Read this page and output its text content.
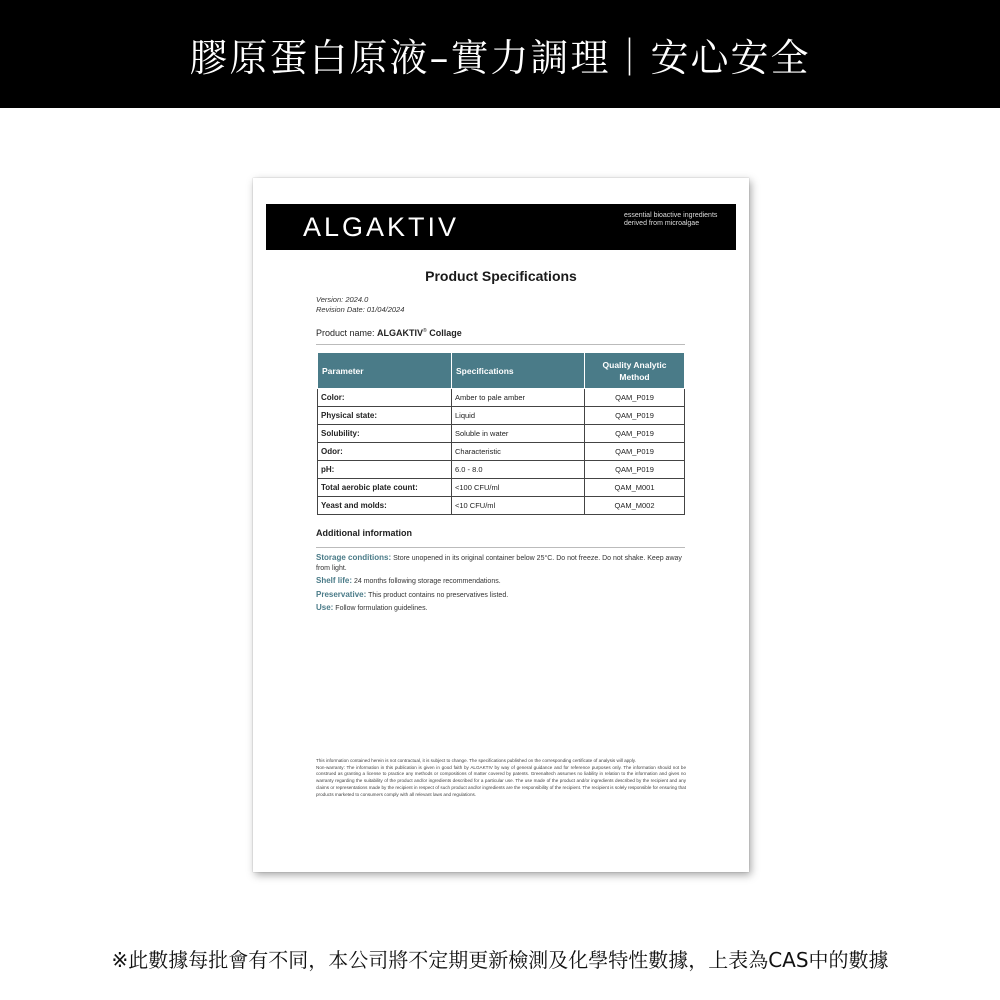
膠原蛋白原液–實力調理｜安心安全
ALGAKTIV	essential bioactive ingredients derived from microalgae
Product Specifications
Version: 2024.0
Revision Date: 01/04/2024
Product name: ALGAKTIV® Collage
Parameter	Specifications	Quality Analytic Method
Color:	Amber to pale amber	QAM_P019
Physical state:	Liquid	QAM_P019
Solubility:	Soluble in water	QAM_P019
Odor:	Characteristic	QAM_P019
pH:	6.0 - 8.0	QAM_P019
Total aerobic plate count:	<100 CFU/ml	QAM_M001
Yeast and molds:	<10 CFU/ml	QAM_M002
Additional information

Storage conditions: Store unopened in its original container below 25°C. Do not freeze. Do not shake. Keep away from light.

Shelf life: 24 months following storage recommendations.

Preservative: This product contains no preservatives listed.

Use: Follow formulation guidelines.

This information contained herein is not contractual, it is subject to change. The specifications published on the corresponding certificate of analysis will apply.
Non-warranty: The information in this publication is given in good faith by ALGAKTIV by way of general guidance and for reference purposes only. The information should not be construed as granting a license to practice any methods or compositions of matter covered by patents. Greenaltech assumes no liability in relation to the information and gives no warranty regarding the suitability of the product and/or ingredients described for a particular use. The use made of the product and/or ingredients described by the recipient and any claims or representations made by the recipient in respect of such product and/or ingredients are the responsibility of the recipient. The recipient is solely responsible for ensuring that products marketed to consumers comply with all relevant laws and regulations.
※此數據每批會有不同，本公司將不定期更新檢測及化學特性數據，上表為CAS中的數據
